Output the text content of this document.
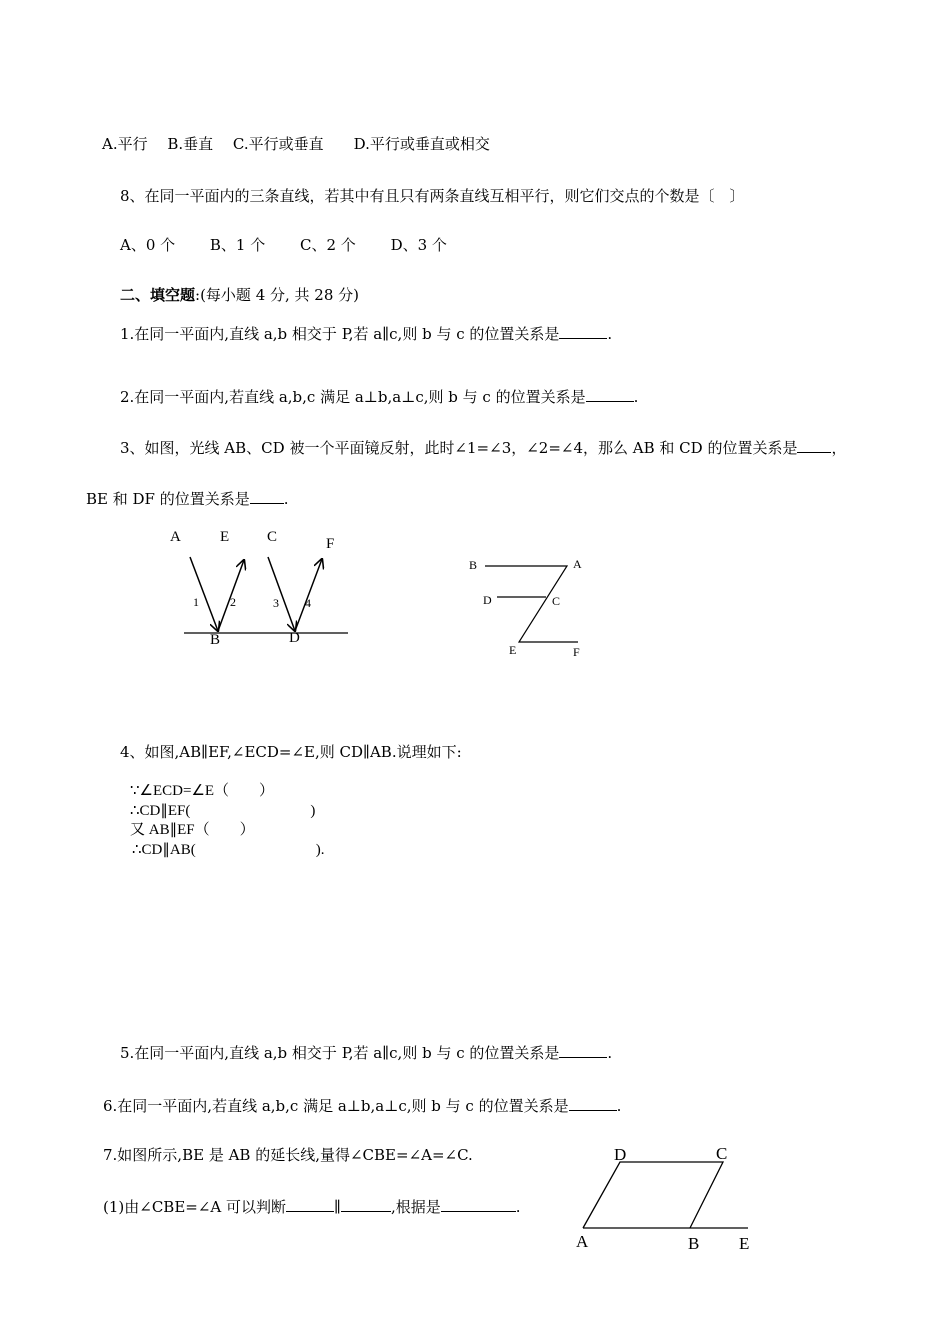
A.平行　 B.垂直　 C.平行或垂直　　D.平行或垂直或相交
8、在同一平面内的三条直线，若其中有且只有两条直线互相平行，则它们交点的个数是〔　〕
A、0 个　　 B、1 个　　 C、2 个　　 D、3 个
二、填空题:(每小题 4 分, 共 28 分)
1.在同一平面内,直线 a,b 相交于 P,若 a∥c,则 b 与 c 的位置关系是	.
2.在同一平面内,若直线 a,b,c 满足 a⊥b,a⊥c,则 b 与 c 的位置关系是	.
3、如图，光线 AB、CD 被一个平面镜反射，此时∠1=∠3，∠2=∠4，那么 AB 和 CD 的位置关系是 ，
BE 和 DF 的位置关系是 .
A	E	C	F
B	D
1	2	3 4
B	A
D	C
E	F
4、如图,AB∥EF,∠ECD=∠E,则 CD∥AB.说理如下:
∵∠ECD=∠E（　　）
∴CD∥EF(　　　　　　　　)
又 AB∥EF（　　）
∴CD∥AB(　　　　　　　　).
5.在同一平面内,直线 a,b 相交于 P,若 a∥c,则 b 与 c 的位置关系是	.
6.在同一平面内,若直线 a,b,c 满足 a⊥b,a⊥c,则 b 与 c 的位置关系是	.
7.如图所示,BE 是 AB 的延长线,量得∠CBE=∠A=∠C.
(1)由∠CBE=∠A 可以判断	∥	,根据是	.
D	C
A	B E
